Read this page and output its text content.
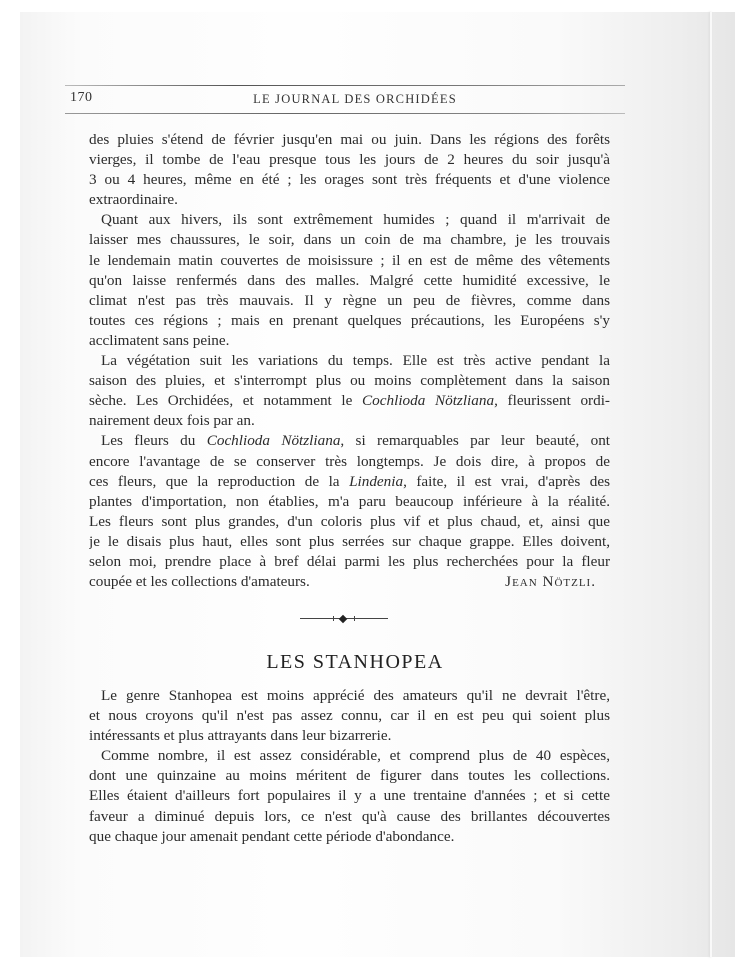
170	LE JOURNAL DES ORCHIDÉES
des pluies s'étend de février jusqu'en mai ou juin. Dans les régions des forêts
vierges, il tombe de l'eau presque tous les jours de 2 heures du soir jusqu'à
3 ou 4 heures, même en été ; les orages sont très fréquents et d'une violence
extraordinaire.
Quant aux hivers, ils sont extrêmement humides ; quand il m'arrivait de
laisser mes chaussures, le soir, dans un coin de ma chambre, je les trouvais
le lendemain matin couvertes de moisissure ; il en est de même des vêtements
qu'on laisse renfermés dans des malles. Malgré cette humidité excessive, le
climat n'est pas très mauvais. Il y règne un peu de fièvres, comme dans
toutes ces régions ; mais en prenant quelques précautions, les Européens s'y
acclimatent sans peine.
La végétation suit les variations du temps. Elle est très active pendant la
saison des pluies, et s'interrompt plus ou moins complètement dans la saison
sèche. Les Orchidées, et notamment le Cochlioda Nötzliana, fleurissent ordi-
nairement deux fois par an.
Les fleurs du Cochlioda Nötzliana, si remarquables par leur beauté, ont
encore l'avantage de se conserver très longtemps. Je dois dire, à propos de
ces fleurs, que la reproduction de la Lindenia, faite, il est vrai, d'après des
plantes d'importation, non établies, m'a paru beaucoup inférieure à la réalité.
Les fleurs sont plus grandes, d'un coloris plus vif et plus chaud, et, ainsi que
je le disais plus haut, elles sont plus serrées sur chaque grappe. Elles doivent,
selon moi, prendre place à bref délai parmi les plus recherchées pour la fleur
coupée et les collections d'amateurs.	Jean Nötzli.
LES STANHOPEA
Le genre Stanhopea est moins apprécié des amateurs qu'il ne devrait l'être,
et nous croyons qu'il n'est pas assez connu, car il en est peu qui soient plus
intéressants et plus attrayants dans leur bizarrerie.
Comme nombre, il est assez considérable, et comprend plus de 40 espèces,
dont une quinzaine au moins méritent de figurer dans toutes les collections.
Elles étaient d'ailleurs fort populaires il y a une trentaine d'années ; et si cette
faveur a diminué depuis lors, ce n'est qu'à cause des brillantes découvertes
que chaque jour amenait pendant cette période d'abondance.
